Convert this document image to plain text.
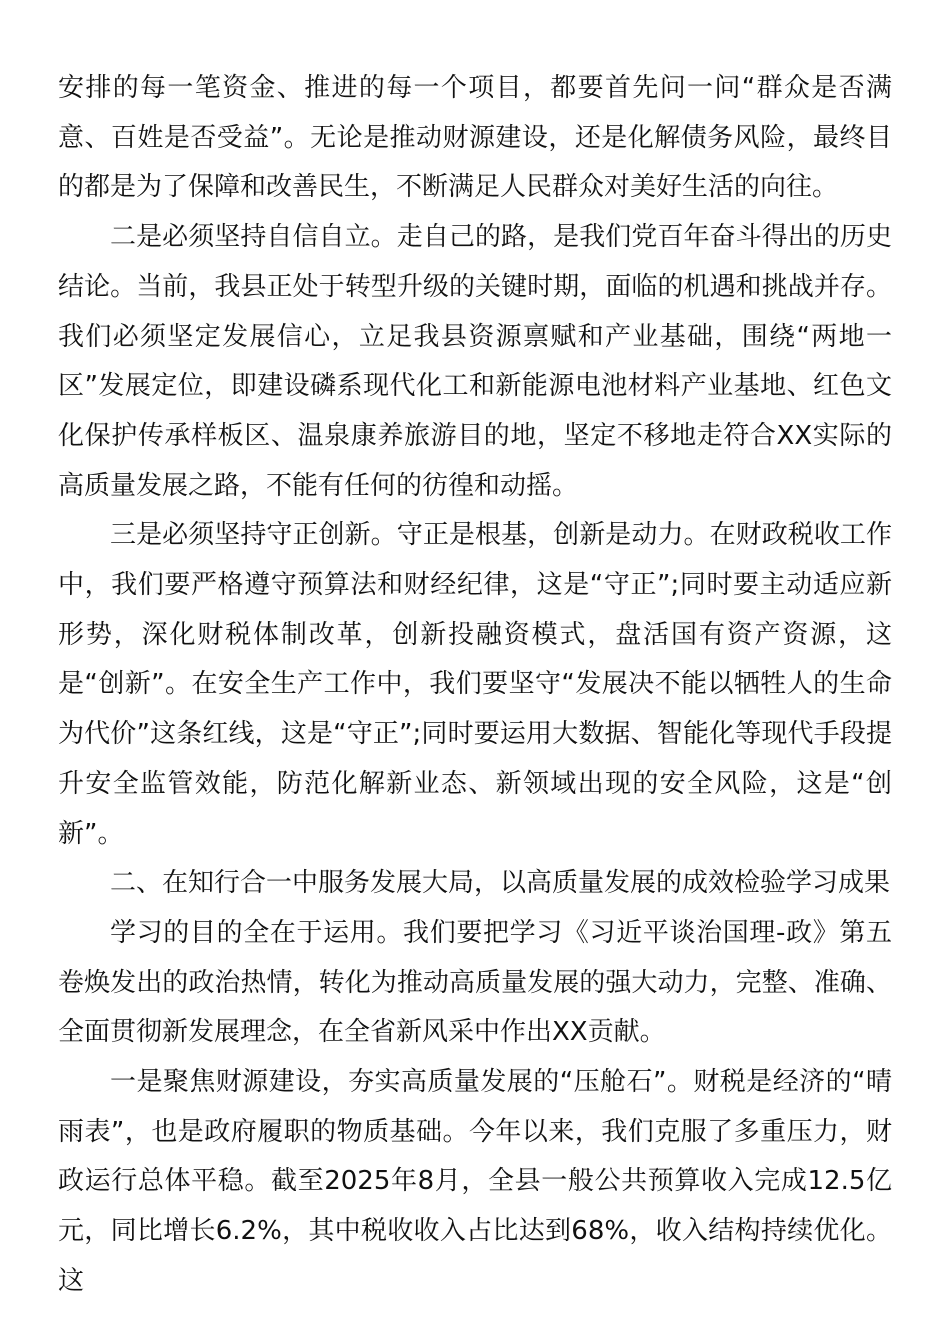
安排的每一笔资金、推进的每一个项目，都要首先问一问“群众是否满意、百姓是否受益”。无论是推动财源建设，还是化解债务风险，最终目的都是为了保障和改善民生，不断满足人民群众对美好生活的向往。

二是必须坚持自信自立。走自己的路，是我们党百年奋斗得出的历史结论。当前，我县正处于转型升级的关键时期，面临的机遇和挑战并存。我们必须坚定发展信心，立足我县资源禀赋和产业基础，围绕“两地一区”发展定位，即建设磷系现代化工和新能源电池材料产业基地、红色文化保护传承样板区、温泉康养旅游目的地，坚定不移地走符合XX实际的高质量发展之路，不能有任何的彷徨和动摇。

三是必须坚持守正创新。守正是根基，创新是动力。在财政税收工作中，我们要严格遵守预算法和财经纪律，这是“守正”;同时要主动适应新形势，深化财税体制改革，创新投融资模式，盘活国有资产资源，这是“创新”。在安全生产工作中，我们要坚守“发展决不能以牺牲人的生命为代价”这条红线，这是“守正”;同时要运用大数据、智能化等现代手段提升安全监管效能，防范化解新业态、新领域出现的安全风险，这是“创新”。

二、在知行合一中服务发展大局，以高质量发展的成效检验学习成果

学习的目的全在于运用。我们要把学习《习近平谈治国理-政》第五卷焕发出的政治热情，转化为推动高质量发展的强大动力，完整、准确、全面贯彻新发展理念，在全省新风采中作出XX贡献。

一是聚焦财源建设，夯实高质量发展的“压舱石”。财税是经济的“晴雨表”，也是政府履职的物质基础。今年以来，我们克服了多重压力，财政运行总体平稳。截至2025年8月，全县一般公共预算收入完成12.5亿元，同比增长6.2%，其中税收收入占比达到68%，收入结构持续优化。这
